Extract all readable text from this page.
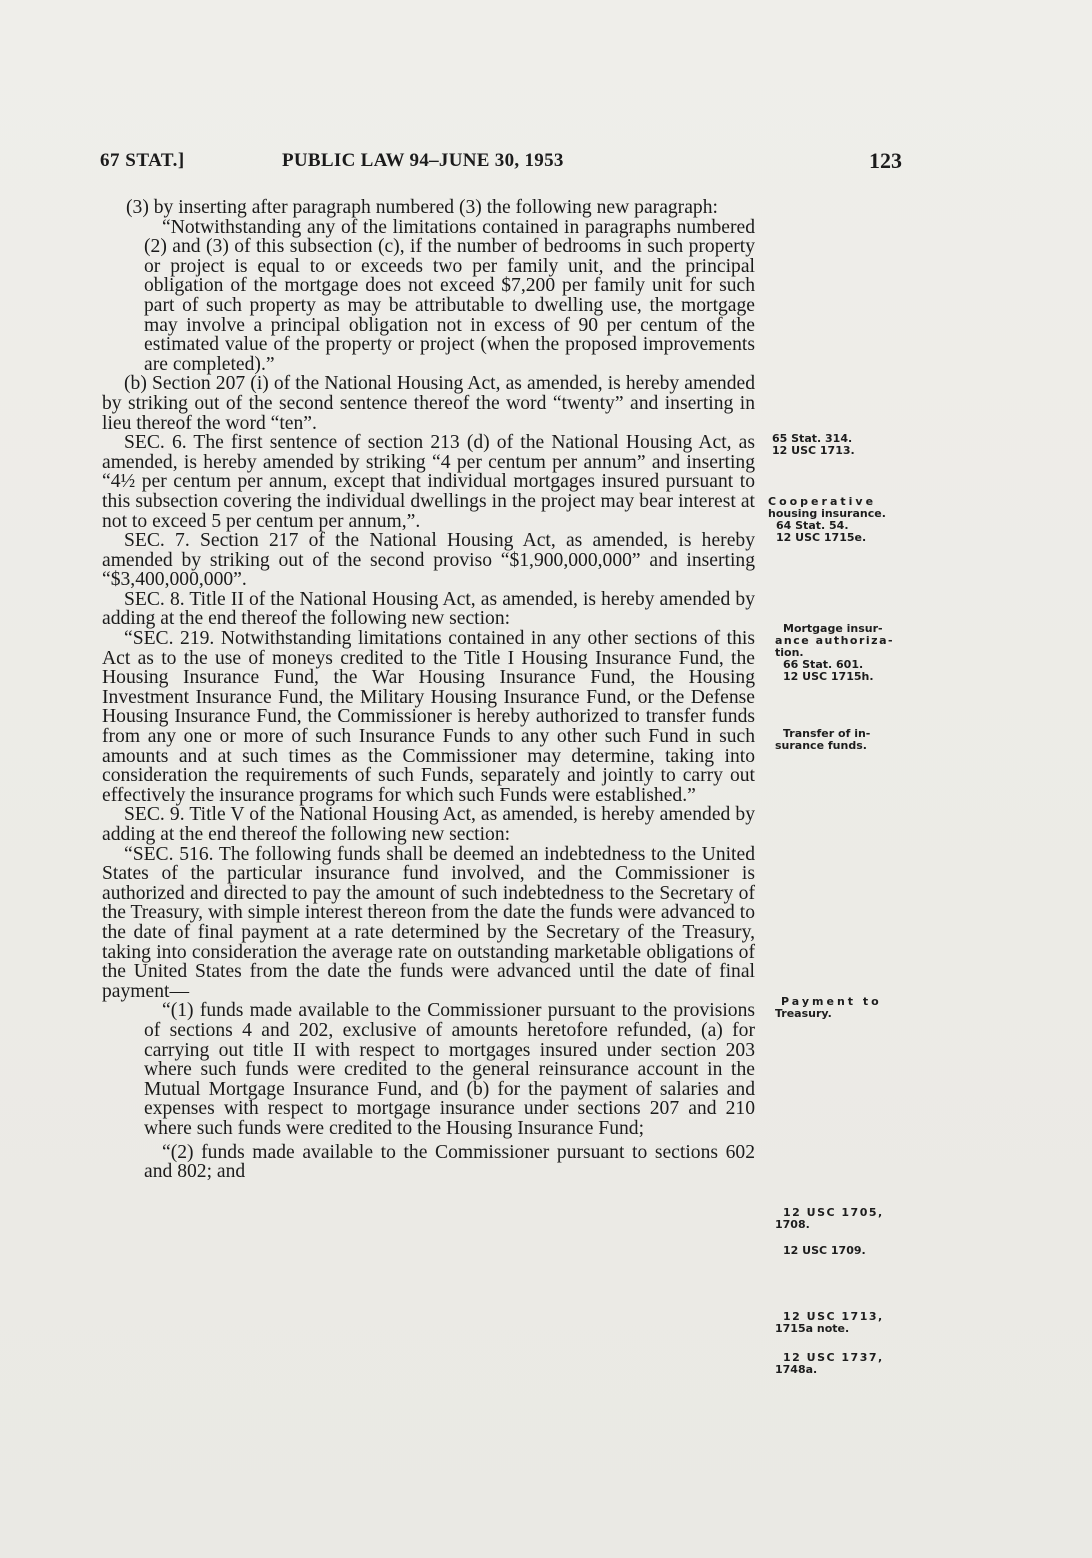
67 STAT.]	PUBLIC LAW 94–JUNE 30, 1953	123

(3) by inserting after paragraph numbered (3) the following new paragraph:

“Notwithstanding any of the limitations contained in paragraphs numbered (2) and (3) of this subsection (c), if the number of bedrooms in such property or project is equal to or exceeds two per family unit, and the principal obligation of the mortgage does not exceed $7,200 per family unit for such part of such property as may be attributable to dwelling use, the mortgage may involve a principal obligation not in excess of 90 per centum of the estimated value of the property or project (when the proposed improvements are completed).”

(b) Section 207 (i) of the National Housing Act, as amended, is hereby amended by striking out of the second sentence thereof the word “twenty” and inserting in lieu thereof the word “ten”.

SEC. 6. The first sentence of section 213 (d) of the National Housing Act, as amended, is hereby amended by striking “4 per centum per annum” and inserting “4½ per centum per annum, except that individual mortgages insured pursuant to this subsection covering the individual dwellings in the project may bear interest at not to exceed 5 per centum per annum,”.

SEC. 7. Section 217 of the National Housing Act, as amended, is hereby amended by striking out of the second proviso “$1,900,000,000” and inserting “$3,400,000,000”.

SEC. 8. Title II of the National Housing Act, as amended, is hereby amended by adding at the end thereof the following new section:

“SEC. 219. Notwithstanding limitations contained in any other sections of this Act as to the use of moneys credited to the Title I Housing Insurance Fund, the Housing Insurance Fund, the War Housing Insurance Fund, the Housing Investment Insurance Fund, the Military Housing Insurance Fund, or the Defense Housing Insurance Fund, the Commissioner is hereby authorized to transfer funds from any one or more of such Insurance Funds to any other such Fund in such amounts and at such times as the Commissioner may determine, taking into consideration the requirements of such Funds, separately and jointly to carry out effectively the insurance programs for which such Funds were established.”

SEC. 9. Title V of the National Housing Act, as amended, is hereby amended by adding at the end thereof the following new section:

“SEC. 516. The following funds shall be deemed an indebtedness to the United States of the particular insurance fund involved, and the Commissioner is authorized and directed to pay the amount of such indebtedness to the Secretary of the Treasury, with simple interest thereon from the date the funds were advanced to the date of final payment at a rate determined by the Secretary of the Treasury, taking into consideration the average rate on outstanding marketable obligations of the United States from the date the funds were advanced until the date of final payment—

“(1) funds made available to the Commissioner pursuant to the provisions of sections 4 and 202, exclusive of amounts heretofore refunded, (a) for carrying out title II with respect to mortgages insured under section 203 where such funds were credited to the general reinsurance account in the Mutual Mortgage Insurance Fund, and (b) for the payment of salaries and expenses with respect to mortgage insurance under sections 207 and 210 where such funds were credited to the Housing Insurance Fund;

“(2) funds made available to the Commissioner pursuant to sections 602 and 802; and

65 Stat. 314.
12 USC 1713.
Cooperative
housing insurance.
64 Stat. 54.
12 USC 1715e.
Mortgage insur-
ance authoriza-
tion.
66 Stat. 601.
12 USC 1715h.
Transfer of in-
surance funds.
Payment to
Treasury.
12 USC 1705,
1708.
12 USC 1709.
12 USC 1713,
1715a note.
12 USC 1737,
1748a.
